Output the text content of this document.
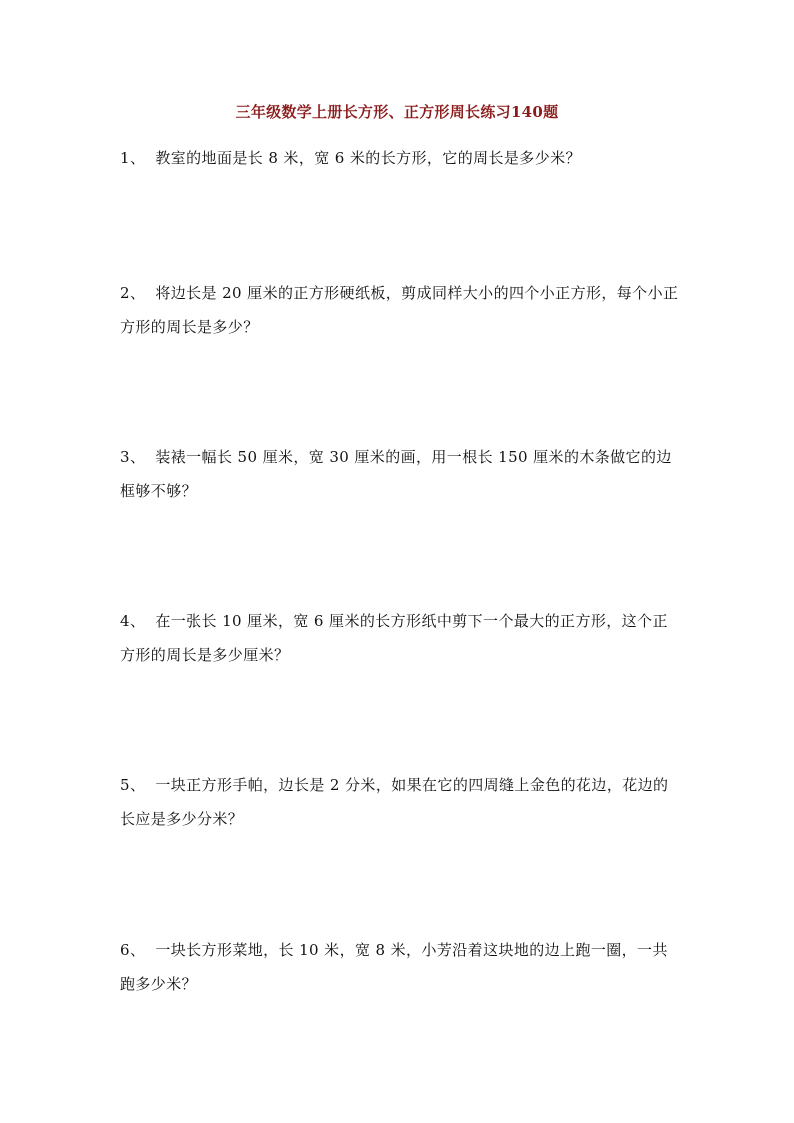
三年级数学上册长方形、正方形周长练习140题
1、 教室的地面是长 8 米，宽 6 米的长方形，它的周长是多少米？
2、 将边长是 20 厘米的正方形硬纸板，剪成同样大小的四个小正方形，每个小正方形的周长是多少？
3、 装裱一幅长 50 厘米，宽 30 厘米的画，用一根长 150 厘米的木条做它的边框够不够？
4、 在一张长 10 厘米，宽 6 厘米的长方形纸中剪下一个最大的正方形，这个正方形的周长是多少厘米？
5、 一块正方形手帕，边长是 2 分米，如果在它的四周缝上金色的花边，花边的长应是多少分米？
6、 一块长方形菜地，长 10 米，宽 8 米，小芳沿着这块地的边上跑一圈，一共跑多少米？
